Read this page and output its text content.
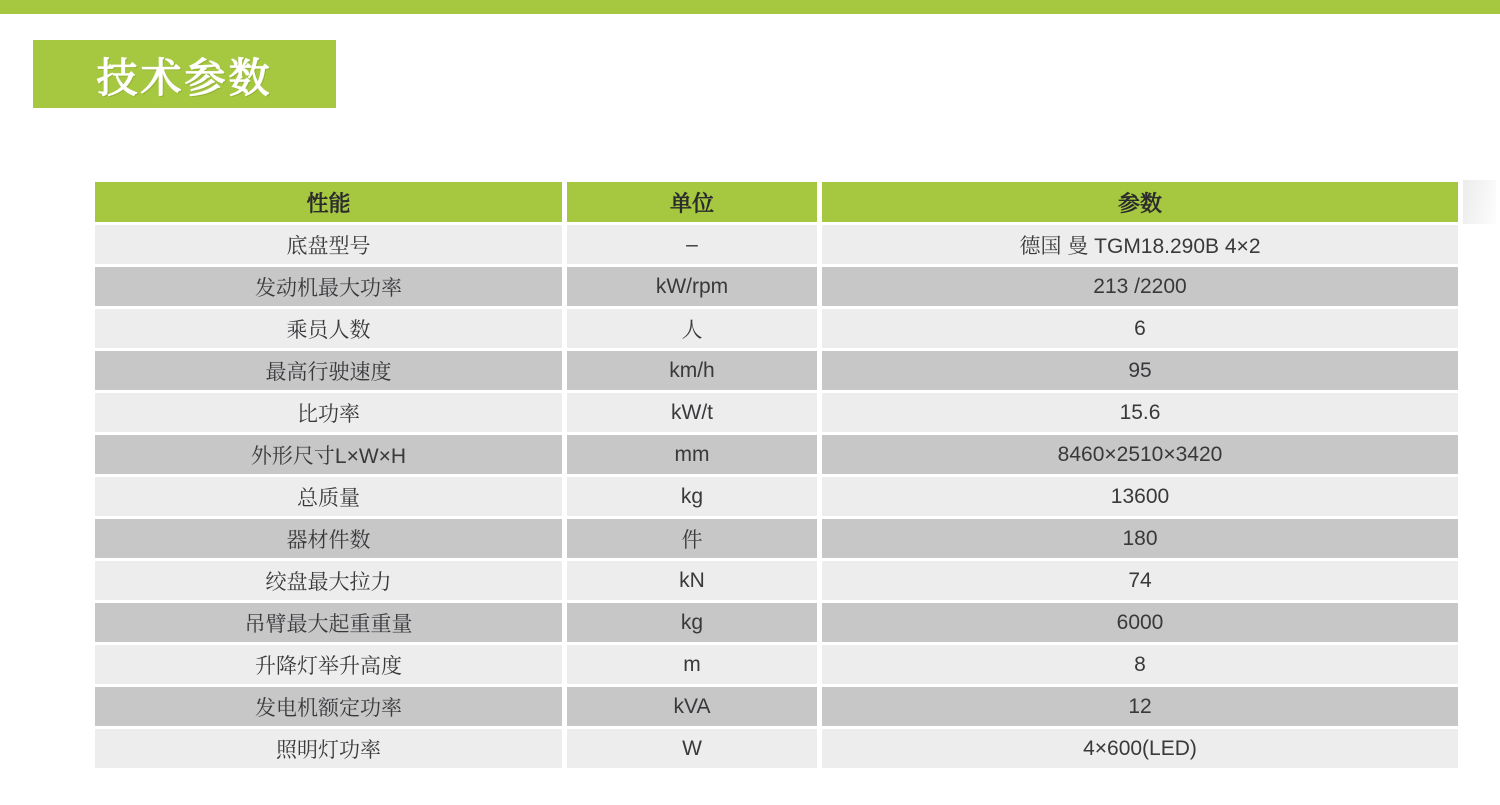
技术参数
性能	单位	参数
底盘型号	–	德国 曼 TGM18.290B 4×2
发动机最大功率	kW/rpm	213 /2200
乘员人数	人	6
最高行驶速度	km/h	95
比功率	kW/t	15.6
外形尺寸L×W×H	mm	8460×2510×3420
总质量	kg	13600
器材件数	件	180
绞盘最大拉力	kN	74
吊臂最大起重重量	kg	6000
升降灯举升高度	m	8
发电机额定功率	kVA	12
照明灯功率	W	4×600(LED)
